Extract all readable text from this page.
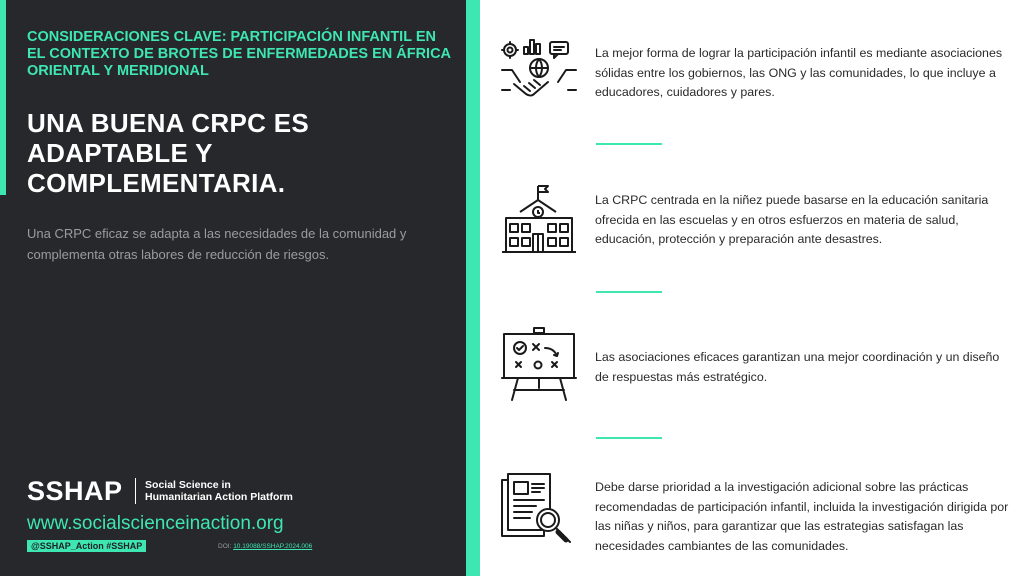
CONSIDERACIONES CLAVE: PARTICIPACIÓN INFANTIL EN EL CONTEXTO DE BROTES DE ENFERMEDADES EN ÁFRICA ORIENTAL Y MERIDIONAL
UNA BUENA CRPC ES ADAPTABLE Y COMPLEMENTARIA.
Una CRPC eficaz se adapta a las necesidades de la comunidad y complementa otras labores de reducción de riesgos.
SSHAP Social Science in
Humanitarian Action Platform
www.socialscienceinaction.org
@SSHAP_Action #SSHAP	DOI: 10.19088/SSHAP.2024.006
La mejor forma de lograr la participación infantil es mediante asociaciones sólidas entre los gobiernos, las ONG y las comunidades, lo que incluye a educadores, cuidadores y pares.
La CRPC centrada en la niñez puede basarse en la educación sanitaria ofrecida en las escuelas y en otros esfuerzos en materia de salud, educación, protección y preparación ante desastres.
Las asociaciones eficaces garantizan una mejor coordinación y un diseño de respuestas más estratégico.
Debe darse prioridad a la investigación adicional sobre las prácticas recomendadas de participación infantil, incluida la investigación dirigida por las niñas y niños, para garantizar que las estrategias satisfagan las necesidades cambiantes de las comunidades.
